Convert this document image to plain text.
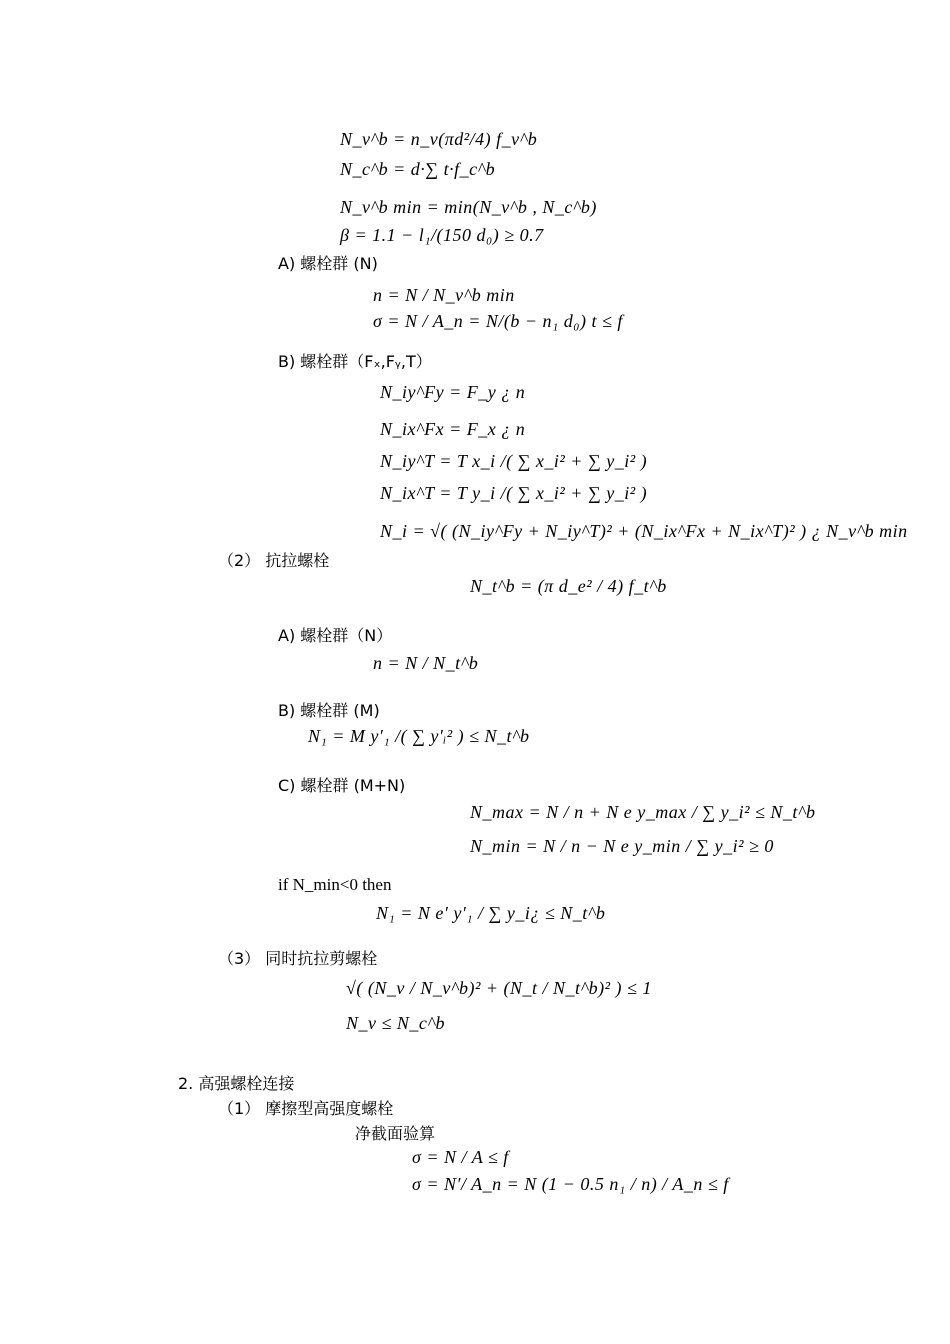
N_v^b = n_v(πd²/4) f_v^b
N_c^b = d·∑ t·f_c^b
N_v^b min = min(N_v^b , N_c^b)
β = 1.1 − l₁/(150 d₀) ≥ 0.7
A) 螺栓群 (N)
n = N / N_v^b min
σ = N / A_n = N/(b − n₁ d₀) t ≤ f
B) 螺栓群（Fₓ,Fᵧ,T）
N_iy^Fy = F_y ¿ n
N_ix^Fx = F_x ¿ n
N_iy^T = T x_i /( ∑ x_i² + ∑ y_i² )
N_ix^T = T y_i /( ∑ x_i² + ∑ y_i² )
N_i = √( (N_iy^Fy + N_iy^T)² + (N_ix^Fx + N_ix^T)² ) ¿ N_v^b min
（2） 抗拉螺栓
N_t^b = (π d_e² / 4) f_t^b
A) 螺栓群（N）
n = N / N_t^b
B) 螺栓群 (M)
N₁ = M y′₁ /( ∑ y′ᵢ² ) ≤ N_t^b
C) 螺栓群 (M+N)
N_max = N / n + N e y_max / ∑ y_i² ≤ N_t^b
N_min = N / n − N e y_min / ∑ y_i² ≥ 0
if N_min<0 then
N₁ = N e′ y′₁ / ∑ y_i¿ ≤ N_t^b
（3） 同时抗拉剪螺栓
√( (N_v / N_v^b)² + (N_t / N_t^b)² ) ≤ 1
N_v ≤ N_c^b
2. 高强螺栓连接
（1） 摩擦型高强度螺栓
净截面验算
σ = N / A ≤ f
σ = N′/ A_n = N (1 − 0.5 n₁ / n) / A_n ≤ f
